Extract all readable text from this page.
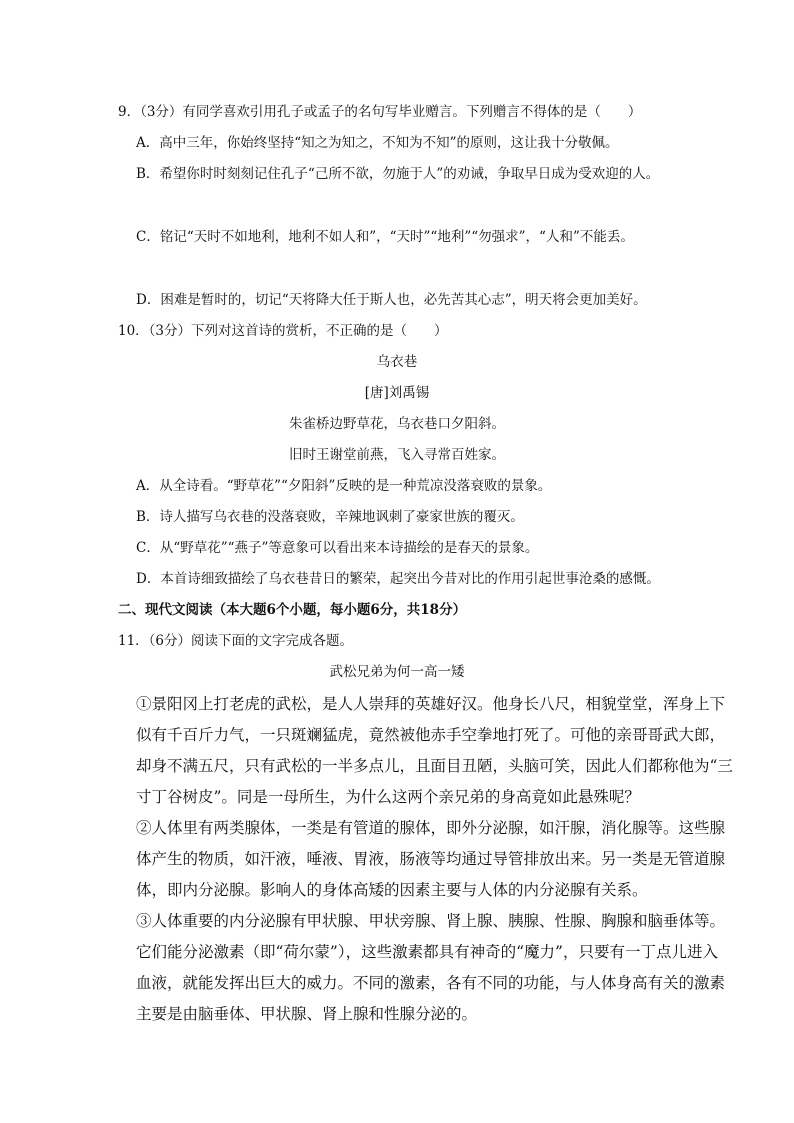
9．（3分）有同学喜欢引用孔子或孟子的名句写毕业赠言。下列赠言不得体的是（　　）
A．高中三年，你始终坚持“知之为知之，不知为不知”的原则，这让我十分敬佩。
B．希望你时时刻刻记住孔子“己所不欲，勿施于人”的劝诫，争取早日成为受欢迎的人。
C．铭记“天时不如地利，地利不如人和”，“天时”“地利”“勿强求”，“人和”不能丢。
D．困难是暂时的，切记“天将降大任于斯人也，必先苦其心志”，明天将会更加美好。
10．（3分）下列对这首诗的赏析，不正确的是（　　）
乌衣巷
[唐]刘禹锡
朱雀桥边野草花，乌衣巷口夕阳斜。
旧时王谢堂前燕，飞入寻常百姓家。
A．从全诗看。“野草花”“夕阳斜”反映的是一种荒凉没落衰败的景象。
B．诗人描写乌衣巷的没落衰败，辛辣地讽刺了豪家世族的覆灭。
C．从“野草花”“燕子”等意象可以看出来本诗描绘的是春天的景象。
D．本首诗细致描绘了乌衣巷昔日的繁荣，起突出今昔对比的作用引起世事沧桑的感慨。
二、现代文阅读（本大题6个小题，每小题6分，共18分）
11．（6分）阅读下面的文字完成各题。
武松兄弟为何一高一矮
①景阳冈上打老虎的武松，是人人崇拜的英雄好汉。他身长八尺，相貌堂堂，浑身上下
似有千百斤力气，一只斑斓猛虎，竟然被他赤手空拳地打死了。可他的亲哥哥武大郎，
却身不满五尺，只有武松的一半多点儿，且面目丑陋，头脑可笑，因此人们都称他为“三
寸丁谷树皮”。同是一母所生，为什么这两个亲兄弟的身高竟如此悬殊呢？
②人体里有两类腺体，一类是有管道的腺体，即外分泌腺，如汗腺，消化腺等。这些腺
体产生的物质，如汗液，唾液、胃液，肠液等均通过导管排放出来。另一类是无管道腺
体，即内分泌腺。影响人的身体高矮的因素主要与人体的内分泌腺有关系。
③人体重要的内分泌腺有甲状腺、甲状旁腺、肾上腺、胰腺、性腺、胸腺和脑垂体等。
它们能分泌激素（即“荷尔蒙”），这些激素都具有神奇的“魔力”，只要有一丁点儿进入
血液，就能发挥出巨大的威力。不同的激素，各有不同的功能，与人体身高有关的激素
主要是由脑垂体、甲状腺、肾上腺和性腺分泌的。
